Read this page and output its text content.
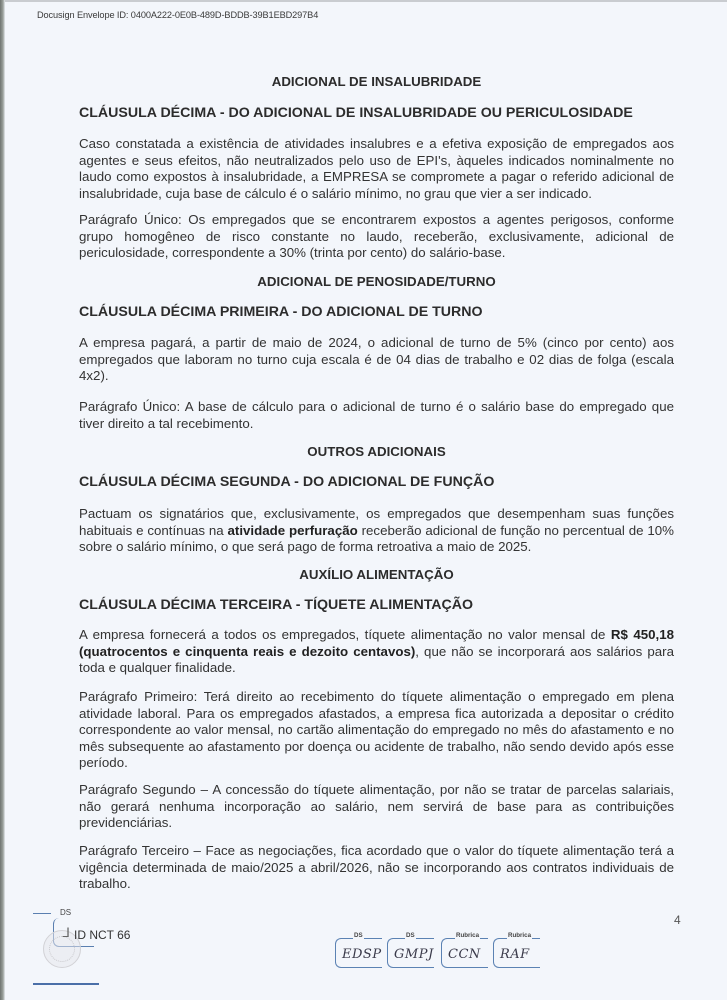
Docusign Envelope ID: 0400A222-0E0B-489D-BDDB-39B1EBD297B4
ADICIONAL DE INSALUBRIDADE
CLÁUSULA DÉCIMA - DO ADICIONAL DE INSALUBRIDADE OU PERICULOSIDADE

Caso constatada a existência de atividades insalubres e a efetiva exposição de empregados aos agentes e seus efeitos, não neutralizados pelo uso de EPI's, àqueles indicados nominalmente no laudo como expostos à insalubridade, a EMPRESA se compromete a pagar o referido adicional de insalubridade, cuja base de cálculo é o salário mínimo, no grau que vier a ser indicado.

Parágrafo Único: Os empregados que se encontrarem expostos a agentes perigosos, conforme grupo homogêneo de risco constante no laudo, receberão, exclusivamente, adicional de periculosidade, correspondente a 30% (trinta por cento) do salário-base.

ADICIONAL DE PENOSIDADE/TURNO
CLÁUSULA DÉCIMA PRIMEIRA - DO ADICIONAL DE TURNO

A empresa pagará, a partir de maio de 2024, o adicional de turno de 5% (cinco por cento) aos empregados que laboram no turno cuja escala é de 04 dias de trabalho e 02 dias de folga (escala 4x2).

Parágrafo Único: A base de cálculo para o adicional de turno é o salário base do empregado que tiver direito a tal recebimento.

OUTROS ADICIONAIS
CLÁUSULA DÉCIMA SEGUNDA - DO ADICIONAL DE FUNÇÃO

Pactuam os signatários que, exclusivamente, os empregados que desempenham suas funções habituais e contínuas na atividade perfuração receberão adicional de função no percentual de 10% sobre o salário mínimo, o que será pago de forma retroativa a maio de 2025.

AUXÍLIO ALIMENTAÇÃO
CLÁUSULA DÉCIMA TERCEIRA - TÍQUETE ALIMENTAÇÃO

A empresa fornecerá a todos os empregados, tíquete alimentação no valor mensal de R$ 450,18 (quatrocentos e cinquenta reais e dezoito centavos), que não se incorporará aos salários para toda e qualquer finalidade.

Parágrafo Primeiro: Terá direito ao recebimento do tíquete alimentação o empregado em plena atividade laboral. Para os empregados afastados, a empresa fica autorizada a depositar o crédito correspondente ao valor mensal, no cartão alimentação do empregado no mês do afastamento e no mês subsequente ao afastamento por doença ou acidente de trabalho, não sendo devido após esse período.

Parágrafo Segundo – A concessão do tíquete alimentação, por não se tratar de parcelas salariais, não gerará nenhuma incorporação ao salário, nem servirá de base para as contribuições previdenciárias.

Parágrafo Terceiro – Face as negociações, fica acordado que o valor do tíquete alimentação terá a vigência determinada de maio/2025 a abril/2026, não se incorporando aos contratos individuais de trabalho.

DS
ᒧ ID NCT 66
4
DS
EDSP
DS
GMPJ
Rubrica
CCN
Rubrica
RAF
